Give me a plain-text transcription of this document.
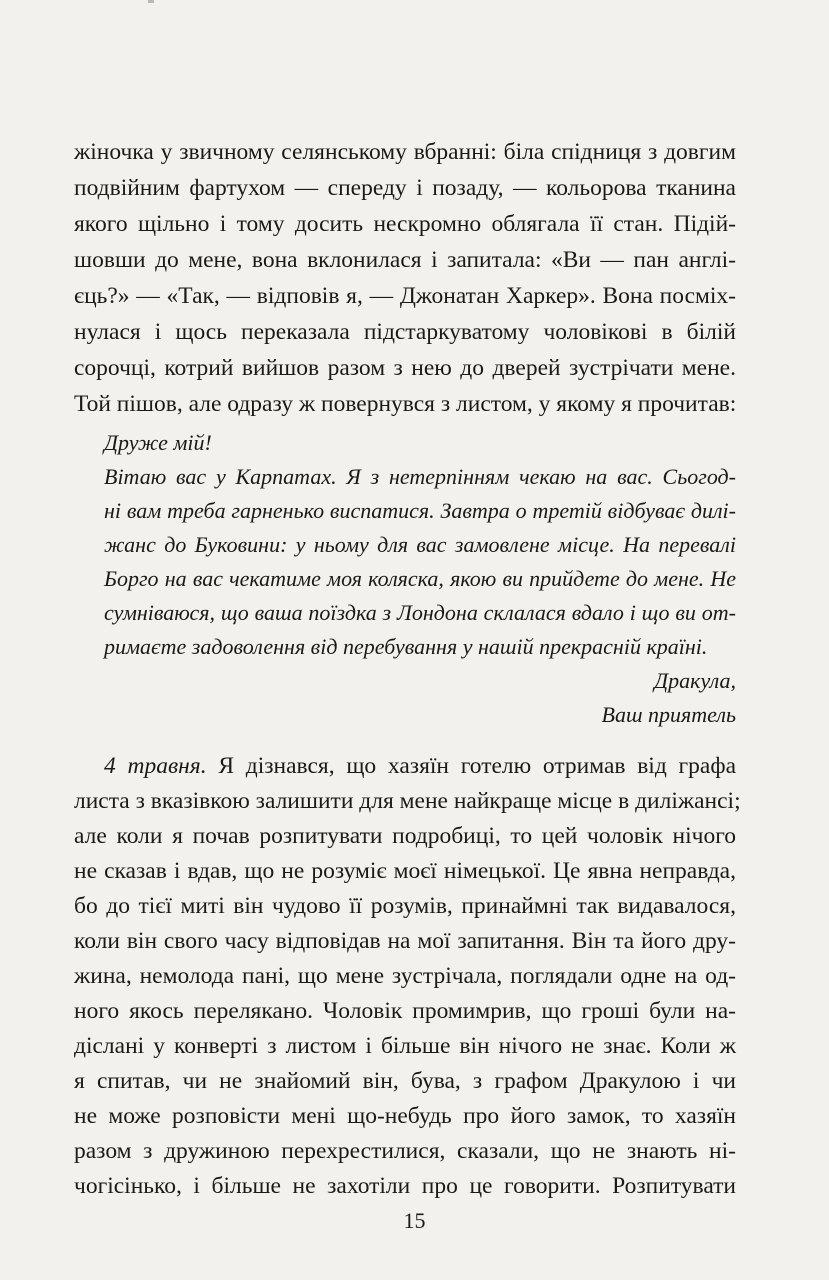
жіночка у звичному селянському вбранні: біла спідниця з довгим
подвійним фартухом — спереду і позаду, — кольорова тканина
якого щільно і тому досить нескромно облягала її стан. Підій-
шовши до мене, вона вклонилася і запитала: «Ви — пан англі-
єць?» — «Так, — відповів я, — Джонатан Харкер». Вона посміх-
нулася і щось переказала підстаркуватому чоловікові в білій
сорочці, котрий вийшов разом з нею до дверей зустрічати мене.
Той пішов, але одразу ж повернувся з листом, у якому я прочитав:
Друже мій!
Вітаю вас у Карпатах. Я з нетерпінням чекаю на вас. Сьогод-
ні вам треба гарненько виспатися. Завтра о третій відбуває дилі-
жанс до Буковини: у ньому для вас замовлене місце. На перевалі
Борго на вас чекатиме моя коляска, якою ви прийдете до мене. Не
сумніваюся, що ваша поїздка з Лондона склалася вдало і що ви от-
римаєте задоволення від перебування у нашій прекрасній країні.
Дракула,
Ваш приятель
4 травня. Я дізнався, що хазяїн готелю отримав від графа
листа з вказівкою залишити для мене найкраще місце в диліжансі;
але коли я почав розпитувати подробиці, то цей чоловік нічого
не сказав і вдав, що не розуміє моєї німецької. Це явна неправда,
бо до тієї миті він чудово її розумів, принаймні так видавалося,
коли він свого часу відповідав на мої запитання. Він та його дру-
жина, немолода пані, що мене зустрічала, поглядали одне на од-
ного якось перелякано. Чоловік промимрив, що гроші були на-
діслані у конверті з листом і більше він нічого не знає. Коли ж
я спитав, чи не знайомий він, бува, з графом Дракулою і чи
не може розповісти мені що-небудь про його замок, то хазяїн
разом з дружиною перехрестилися, сказали, що не знають ні-
чогісінько, і більше не захотіли про це говорити. Розпитувати
15
